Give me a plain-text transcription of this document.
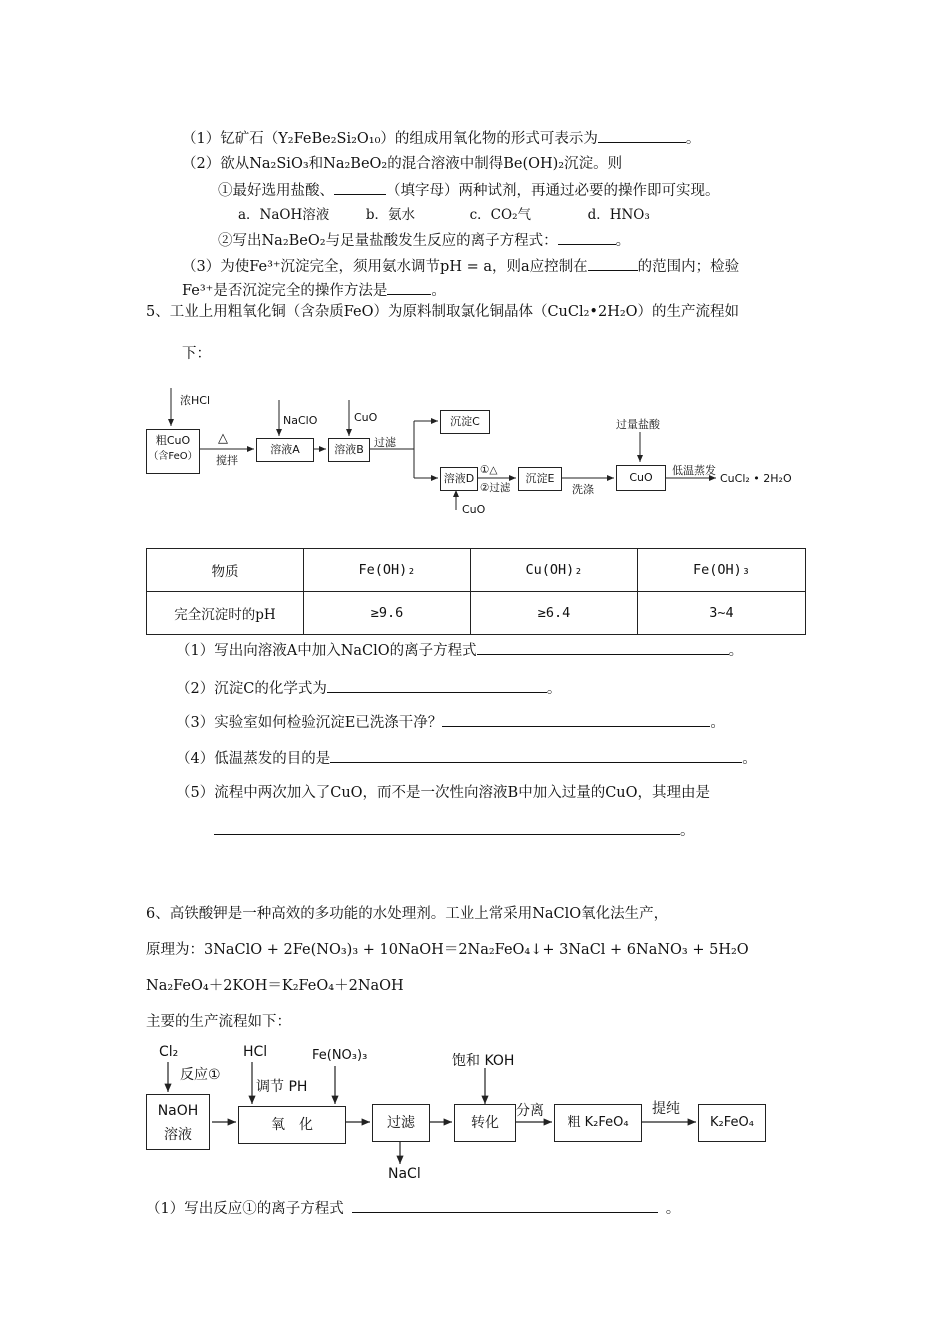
（1）钇矿石（Y₂FeBe₂Si₂O₁₀）的组成用氧化物的形式可表示为	。
（2）欲从Na₂SiO₃和Na₂BeO₂的混合溶液中制得Be(OH)₂沉淀。则
①最好选用盐酸、	（填字母）两种试剂，再通过必要的操作即可实现。
a．NaOH溶液	b．氨水	c．CO₂气	d．HNO₃
②写出Na₂BeO₂与足量盐酸发生反应的离子方程式：	。
（3）为使Fe³⁺沉淀完全，须用氨水调节pH = a，则a应控制在	的范围内；检验
Fe³⁺是否沉淀完全的操作方法是	。
5、工业上用粗氧化铜（含杂质FeO）为原料制取氯化铜晶体（CuCl₂•2H₂O）的生产流程如
下：
浓HCl
粗CuO
（含FeO）
△
搅拌
NaClO
溶液A
CuO
溶液B
过滤
沉淀C
溶液D
①△
②过滤
CuO
沉淀E
洗涤
过量盐酸
CuO
低温蒸发
CuCl₂ • 2H₂O
物质	Fe(OH)₂	Cu(OH)₂	Fe(OH)₃
完全沉淀时的pH	≥9.6	≥6.4	3~4
（1）写出向溶液A中加入NaClO的离子方程式	。
（2）沉淀C的化学式为	。
（3）实验室如何检验沉淀E已洗涤干净？	。
（4）低温蒸发的目的是	。
（5）流程中两次加入了CuO，而不是一次性向溶液B中加入过量的CuO，其理由是
。
6、高铁酸钾是一种高效的多功能的水处理剂。工业上常采用NaClO氧化法生产，
原理为：3NaClO + 2Fe(NO₃)₃ + 10NaOH＝2Na₂FeO₄↓+ 3NaCl + 6NaNO₃ + 5H₂O
Na₂FeO₄＋2KOH＝K₂FeO₄＋2NaOH
主要的生产流程如下：
Cl₂
反应①
NaOH
溶液
HCl
调节 PH
Fe(NO₃)₃
氧　化	过滤
NaCl
饱和 KOH
转化
分离
粗 K₂FeO₄
提纯
K₂FeO₄
（1）写出反应①的离子方程式	。
